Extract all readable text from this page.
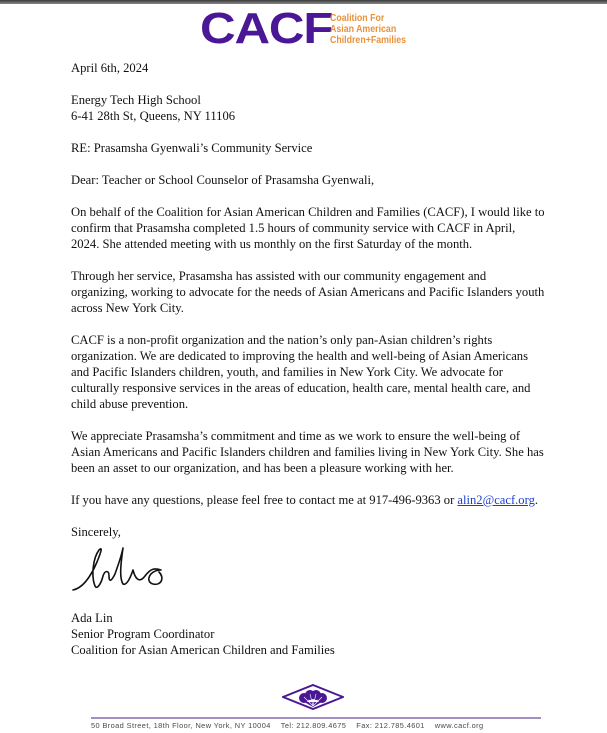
CACF
Coalition For
Asian American
Children+Families

April 6th, 2024

Energy Tech High School
6-41 28th St, Queens, NY 11106

RE: Prasamsha Gyenwali’s Community Service

Dear: Teacher or School Counselor of Prasamsha Gyenwali,

On behalf of the Coalition for Asian American Children and Families (CACF), I would like to confirm that Prasamsha completed 1.5 hours of community service with CACF in April, 2024. She attended meeting with us monthly on the first Saturday of the month.

Through her service, Prasamsha has assisted with our community engagement and organizing, working to advocate for the needs of Asian Americans and Pacific Islanders youth across New York City.

CACF is a non-profit organization and the nation’s only pan-Asian children’s rights organization. We are dedicated to improving the health and well-being of Asian Americans and Pacific Islanders children, youth, and families in New York City. We advocate for culturally responsive services in the areas of education, health care, mental health care, and child abuse prevention.

We appreciate Prasamsha’s commitment and time as we work to ensure the well-being of Asian Americans and Pacific Islanders children and families living in New York City. She has been an asset to our organization, and has been a pleasure working with her.

If you have any questions, please feel free to contact me at 917-496-9363 or alin2@cacf.org.

Sincerely,

Ada Lin
Senior Program Coordinator
Coalition for Asian American Children and Families

50 Broad Street, 18th Floor, New York, NY 10004 Tel: 212.809.4675 Fax: 212.785.4601 www.cacf.org
